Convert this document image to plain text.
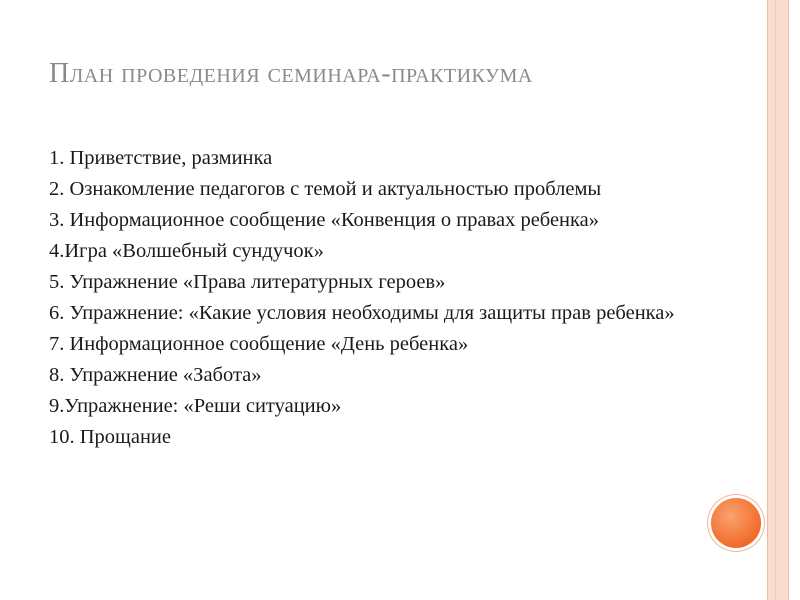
План проведения семинара-практикума
1. Приветствие, разминка
2. Ознакомление педагогов с темой и актуальностью проблемы
3. Информационное сообщение «Конвенция о правах ребенка»
4.Игра «Волшебный сундучок»
5. Упражнение «Права литературных героев»
6. Упражнение: «Какие условия необходимы для защиты прав ребенка»
7. Информационное сообщение «День ребенка»
8. Упражнение «Забота»
9.Упражнение: «Реши ситуацию»
10. Прощание
